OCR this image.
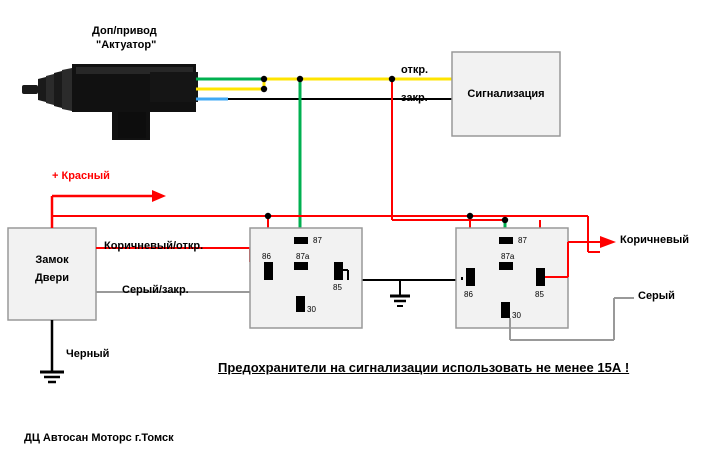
Доп/привод
"Актуатор"
откр.
закр.	Сигнализация
Замок
Двери
+ Красный
Коричневый/откр.
Серый/закр.
Черный
Коричневый
Серый
87
86	87a
85
30
87
87a
86	85
30
Предохранители на сигнализации использовать не менее 15А !
ДЦ Автосан Моторс г.Томск
